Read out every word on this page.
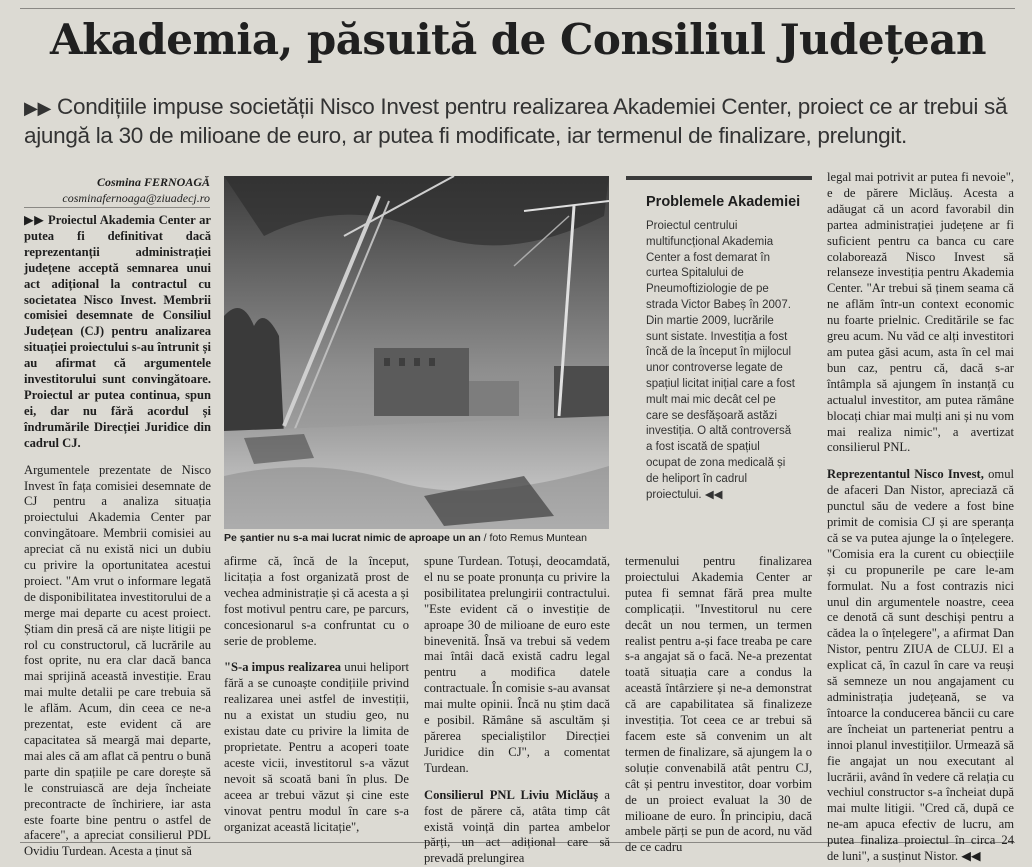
Akademia, păsuită de Consiliul Județean

▶▶ Condițiile impuse societății Nisco Invest pentru realizarea Akademiei Center, proiect ce ar trebui să ajungă la 30 de milioane de euro, ar putea fi modificate, iar termenul de finalizare, prelungit.

Cosmina FERNOAGĂ
cosminafernoaga@ziuadecj.ro

▶▶ Proiectul Akademia Center ar putea fi definitivat dacă reprezentanții administrației județene acceptă semnarea unui act adițional la contractul cu societatea Nisco Invest. Membrii comisiei desemnate de Consiliul Județean (CJ) pentru analizarea situației proiectului s-au întrunit și au afirmat că argumentele investitorului sunt convingătoare. Proiectul ar putea continua, spun ei, dar nu fără acordul și îndrumările Direcției Juridice din cadrul CJ.

Argumentele prezentate de Nisco Invest în fața comisiei desemnate de CJ pentru a analiza situația proiectului Akademia Center par convingătoare. Membrii comisiei au apreciat că nu există nici un dubiu cu privire la oportunitatea acestui proiect. "Am vrut o informare legată de disponibilitatea investitorului de a merge mai departe cu acest proiect. Știam din presă că are niște litigii pe rol cu constructorul, că lucrările au fost oprite, nu era clar dacă banca mai sprijină această investiție. Erau mai multe detalii pe care trebuia să le aflăm. Acum, din ceea ce ne-a prezentat, este evident că are capacitatea să meargă mai departe, mai ales că am aflat că pentru o bună parte din spațiile pe care dorește să le construiască are deja încheiate precontracte de închiriere, iar asta este foarte bine pentru o astfel de afacere", a apreciat consilierul PDL Ovidiu Turdean. Acesta a ținut să

Pe șantier nu s-a mai lucrat nimic de aproape un an / foto Remus Muntean

afirme că, încă de la început, licitația a fost organizată prost de vechea administrație și că acesta a și fost motivul pentru care, pe parcurs, concesionarul s-a confruntat cu o serie de probleme.

"S-a impus realizarea unui heliport fără a se cunoaște condițiile privind realizarea unei astfel de investiții, nu a existat un studiu geo, nu existau date cu privire la limita de proprietate. Pentru a acoperi toate aceste vicii, investitorul s-a văzut nevoit să scoată bani în plus. De aceea ar trebui văzut și cine este vinovat pentru modul în care s-a organizat această licitație",

spune Turdean. Totuși, deocamdată, el nu se poate pronunța cu privire la posibilitatea prelungirii contractului. "Este evident că o investiție de aproape 30 de milioane de euro este binevenită. Însă va trebui să vedem mai întâi dacă există cadru legal pentru a modifica datele contractuale. În comisie s-au avansat mai multe opinii. Încă nu știm dacă e posibil. Rămâne să ascultăm și părerea specialiștilor Direcției Juridice din CJ", a comentat Turdean.

Consilierul PNL Liviu Miclăuș a fost de părere că, atâta timp cât există voință din partea ambelor părți, un act adițional care să prevadă prelungirea

Problemele Akademiei

Proiectul centrului multifuncțional Akademia Center a fost demarat în curtea Spitalului de Pneumoftiziologie de pe strada Victor Babeș în 2007. Din martie 2009, lucrările sunt sistate. Investiția a fost încă de la început în mijlocul unor controverse legate de spațiul licitat inițial care a fost mult mai mic decât cel pe care se desfășoară astăzi investiția. O altă controversă a fost iscată de spațiul ocupat de zona medicală și de heliport în cadrul proiectului. ◀◀

termenului pentru finalizarea proiectului Akademia Center ar putea fi semnat fără prea multe complicații. "Investitorul nu cere decât un nou termen, un termen realist pentru a-și face treaba pe care s-a angajat să o facă. Ne-a prezentat toată situația care a condus la această întârziere și ne-a demonstrat că are capabilitatea să finalizeze investiția. Tot ceea ce ar trebui să facem este să convenim un alt termen de finalizare, să ajungem la o soluție convenabilă atât pentru CJ, cât și pentru investitor, doar vorbim de un proiect evaluat la 30 de milioane de euro. În principiu, dacă ambele părți se pun de acord, nu văd de ce cadru

legal mai potrivit ar putea fi nevoie", e de părere Miclăuș. Acesta a adăugat că un acord favorabil din partea administrației județene ar fi suficient pentru ca banca cu care colaborează Nisco Invest să relanseze investiția pentru Akademia Center. "Ar trebui să ținem seama că ne aflăm într-un context economic nu foarte prielnic. Creditările se fac greu acum. Nu văd ce alți investitori am putea găsi acum, asta în cel mai bun caz, pentru că, dacă s-ar întâmpla să ajungem în instanță cu actualul investitor, am putea rămâne blocați chiar mai mulți ani și nu vom mai realiza nimic", a avertizat consilierul PNL.

Reprezentantul Nisco Invest, omul de afaceri Dan Nistor, apreciază că punctul său de vedere a fost bine primit de comisia CJ și are speranța că se va putea ajunge la o înțelegere. "Comisia era la curent cu obiecțiile și cu propunerile pe care le-am formulat. Nu a fost contrazis nici unul din argumentele noastre, ceea ce denotă că sunt deschiși pentru a cădea la o înțelegere", a afirmat Dan Nistor, pentru ZIUA de CLUJ. El a explicat că, în cazul în care va reuși să semneze un nou angajament cu administrația județeană, se va întoarce la conducerea băncii cu care are încheiat un parteneriat pentru a innoi planul investițiilor. Urmează să fie angajat un nou executant al lucrării, având în vedere că relația cu vechiul constructor s-a încheiat după mai multe litigii. "Cred că, după ce ne-am apuca efectiv de lucru, am putea finaliza proiectul în circa 24 de luni", a susținut Nistor. ◀◀
